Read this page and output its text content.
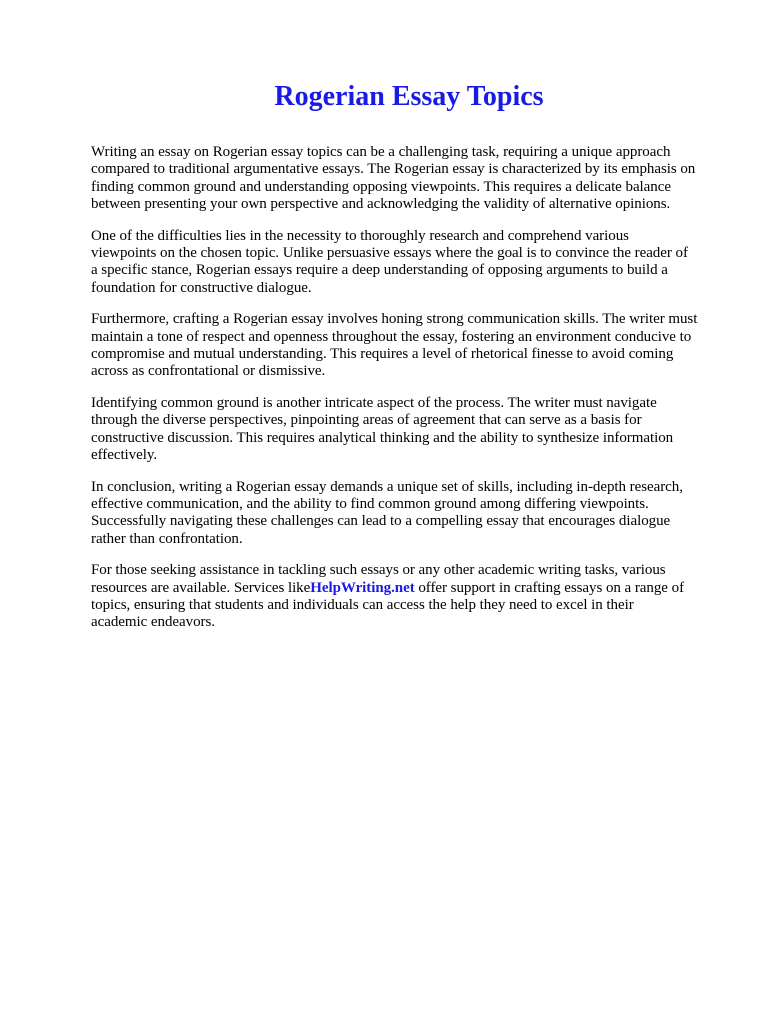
Rogerian Essay Topics

Writing an essay on Rogerian essay topics can be a challenging task, requiring a unique approach
compared to traditional argumentative essays. The Rogerian essay is characterized by its emphasis on
finding common ground and understanding opposing viewpoints. This requires a delicate balance
between presenting your own perspective and acknowledging the validity of alternative opinions.

One of the difficulties lies in the necessity to thoroughly research and comprehend various
viewpoints on the chosen topic. Unlike persuasive essays where the goal is to convince the reader of
a specific stance, Rogerian essays require a deep understanding of opposing arguments to build a
foundation for constructive dialogue.

Furthermore, crafting a Rogerian essay involves honing strong communication skills. The writer must
maintain a tone of respect and openness throughout the essay, fostering an environment conducive to
compromise and mutual understanding. This requires a level of rhetorical finesse to avoid coming
across as confrontational or dismissive.

Identifying common ground is another intricate aspect of the process. The writer must navigate
through the diverse perspectives, pinpointing areas of agreement that can serve as a basis for
constructive discussion. This requires analytical thinking and the ability to synthesize information
effectively.

In conclusion, writing a Rogerian essay demands a unique set of skills, including in-depth research,
effective communication, and the ability to find common ground among differing viewpoints.
Successfully navigating these challenges can lead to a compelling essay that encourages dialogue
rather than confrontation.

For those seeking assistance in tackling such essays or any other academic writing tasks, various
resources are available. Services likeHelpWriting.net offer support in crafting essays on a range of
topics, ensuring that students and individuals can access the help they need to excel in their
academic endeavors.
